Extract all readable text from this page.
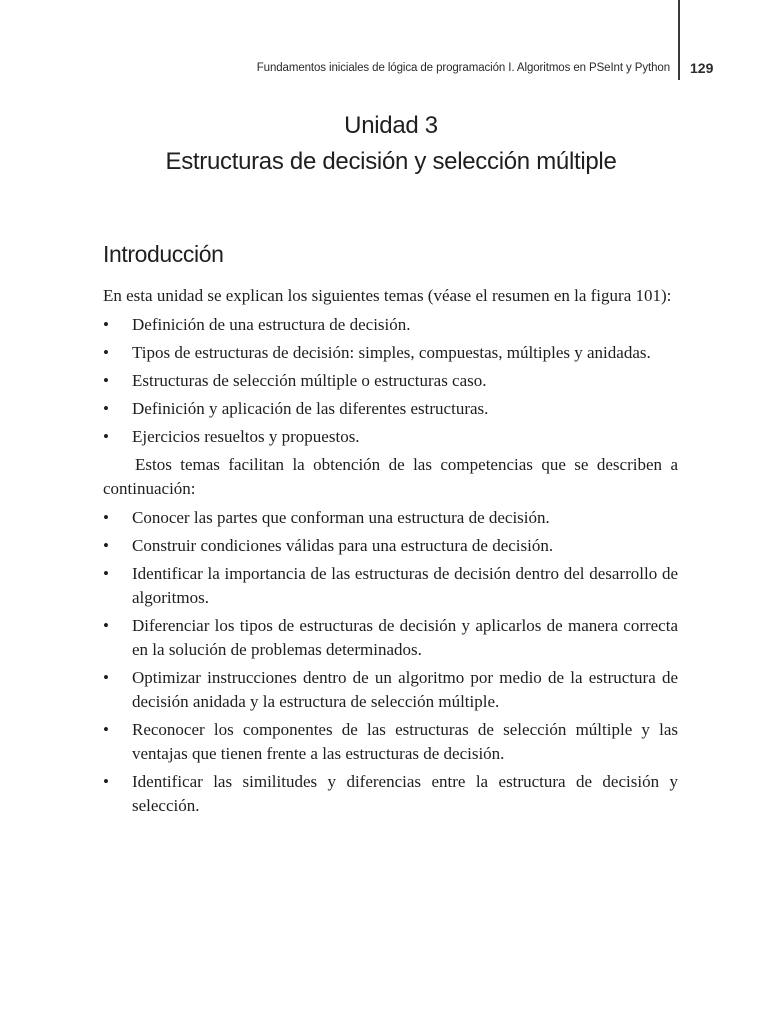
Fundamentos iniciales de lógica de programación I. Algoritmos en PSeInt y Python 129
Unidad 3
Estructuras de decisión y selección múltiple
Introducción

En esta unidad se explican los siguientes temas (véase el resumen en la figura 101):

• Definición de una estructura de decisión.
• Tipos de estructuras de decisión: simples, compuestas, múltiples y anidadas.
• Estructuras de selección múltiple o estructuras caso.
• Definición y aplicación de las diferentes estructuras.
• Ejercicios resueltos y propuestos.

Estos temas facilitan la obtención de las competencias que se describen a continuación:

• Conocer las partes que conforman una estructura de decisión.
• Construir condiciones válidas para una estructura de decisión.
• Identificar la importancia de las estructuras de decisión dentro del desarrollo de algoritmos.
• Diferenciar los tipos de estructuras de decisión y aplicarlos de manera correcta en la solución de problemas determinados.
• Optimizar instrucciones dentro de un algoritmo por medio de la estructura de decisión anidada y la estructura de selección múltiple.
• Reconocer los componentes de las estructuras de selección múltiple y las ventajas que tienen frente a las estructuras de decisión.
• Identificar las similitudes y diferencias entre la estructura de decisión y selección.
